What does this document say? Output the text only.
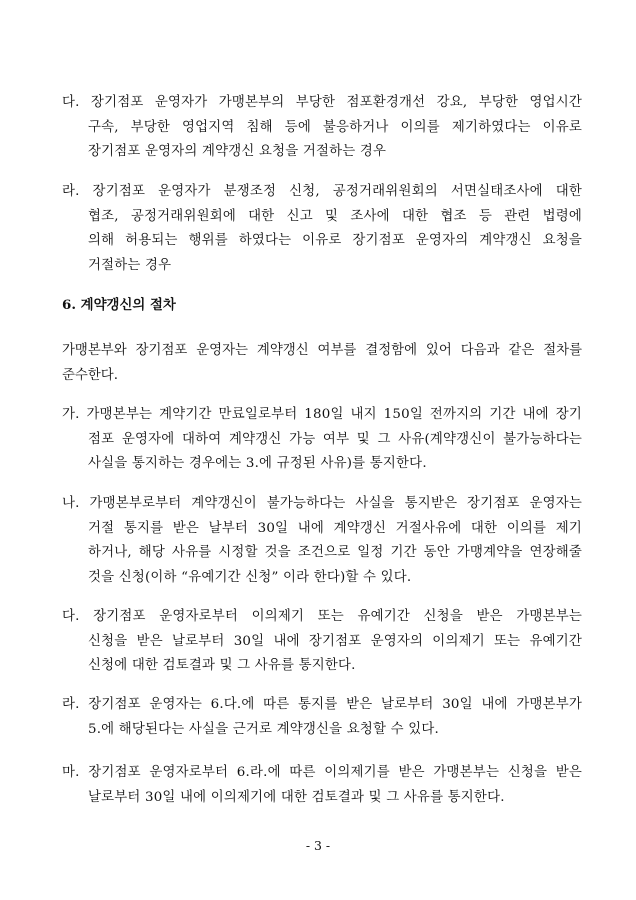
다. 장기점포 운영자가 가맹본부의 부당한 점포환경개선 강요, 부당한 영업시간
구속, 부당한 영업지역 침해 등에 불응하거나 이의를 제기하였다는 이유로
장기점포 운영자의 계약갱신 요청을 거절하는 경우
라. 장기점포 운영자가 분쟁조정 신청, 공정거래위원회의 서면실태조사에 대한
협조, 공정거래위원회에 대한 신고 및 조사에 대한 협조 등 관련 법령에
의해 허용되는 행위를 하였다는 이유로 장기점포 운영자의 계약갱신 요청을
거절하는 경우
6. 계약갱신의 절차
가맹본부와 장기점포 운영자는 계약갱신 여부를 결정함에 있어 다음과 같은 절차를
준수한다.
가. 가맹본부는 계약기간 만료일로부터 180일 내지 150일 전까지의 기간 내에 장기
점포 운영자에 대하여 계약갱신 가능 여부 및 그 사유(계약갱신이 불가능하다는
사실을 통지하는 경우에는 3.에 규정된 사유)를 통지한다.
나. 가맹본부로부터 계약갱신이 불가능하다는 사실을 통지받은 장기점포 운영자는
거절 통지를 받은 날부터 30일 내에 계약갱신 거절사유에 대한 이의를 제기
하거나, 해당 사유를 시정할 것을 조건으로 일정 기간 동안 가맹계약을 연장해줄
것을 신청(이하 “유예기간 신청” 이라 한다)할 수 있다.
다. 장기점포 운영자로부터 이의제기 또는 유예기간 신청을 받은 가맹본부는
신청을 받은 날로부터 30일 내에 장기점포 운영자의 이의제기 또는 유예기간
신청에 대한 검토결과 및 그 사유를 통지한다.
라. 장기점포 운영자는 6.다.에 따른 통지를 받은 날로부터 30일 내에 가맹본부가
5.에 해당된다는 사실을 근거로 계약갱신을 요청할 수 있다.
마. 장기점포 운영자로부터 6.라.에 따른 이의제기를 받은 가맹본부는 신청을 받은
날로부터 30일 내에 이의제기에 대한 검토결과 및 그 사유를 통지한다.
- 3 -
